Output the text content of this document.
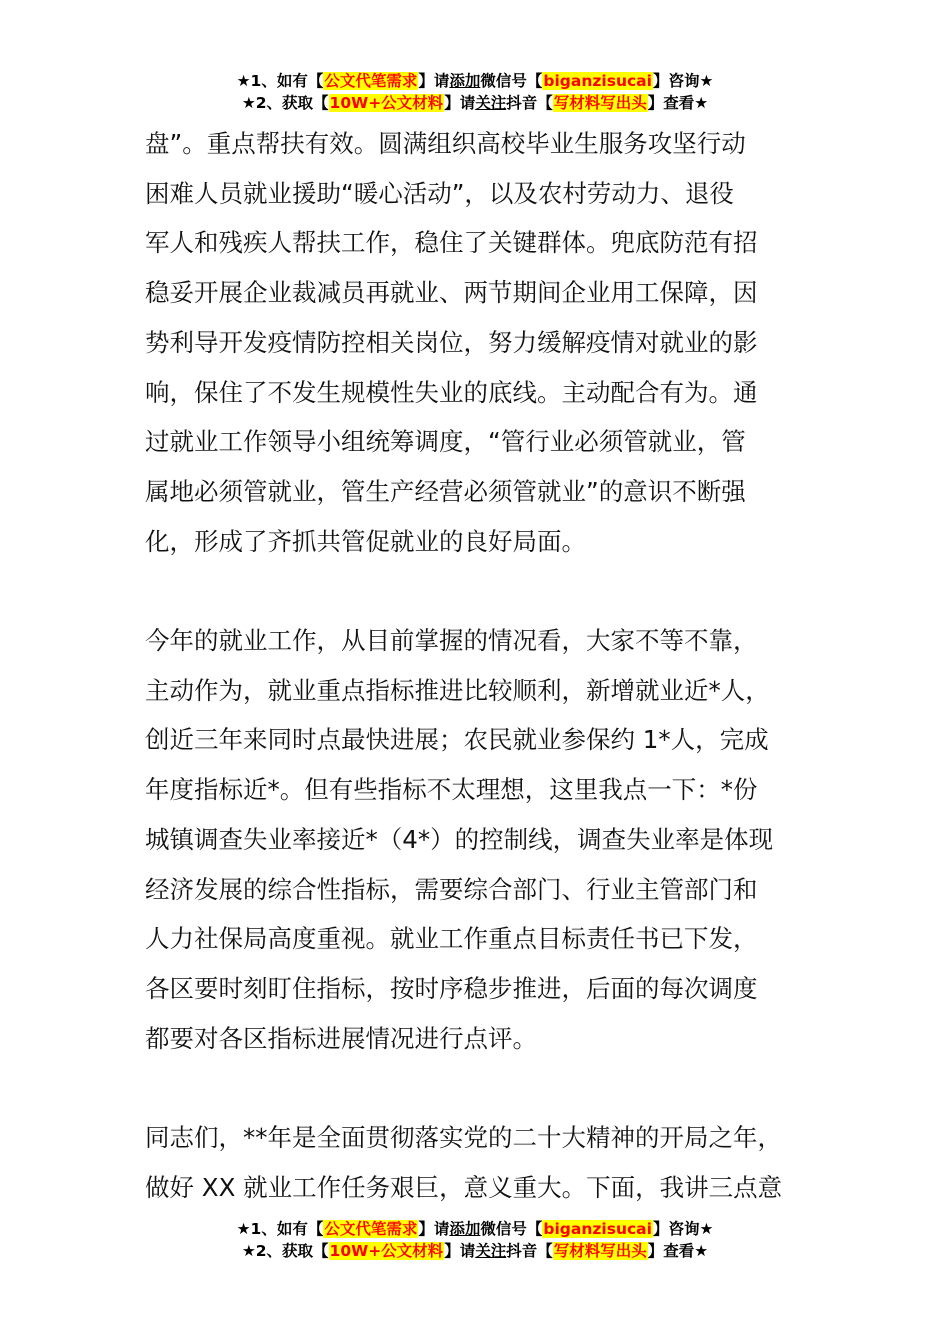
★1、如有【公文代笔需求】请添加微信号【biganzisucai】咨询★
★2、获取【10W+公文材料】请关注抖音【写材料写出头】查看★
盘”。重点帮扶有效。圆满组织高校毕业生服务攻坚行动
困难人员就业援助“暖心活动”，以及农村劳动力、退役
军人和残疾人帮扶工作，稳住了关键群体。兜底防范有招
稳妥开展企业裁减员再就业、两节期间企业用工保障，因
势利导开发疫情防控相关岗位，努力缓解疫情对就业的影
响，保住了不发生规模性失业的底线。主动配合有为。通
过就业工作领导小组统筹调度，“管行业必须管就业，管
属地必须管就业，管生产经营必须管就业”的意识不断强
化，形成了齐抓共管促就业的良好局面。
今年的就业工作，从目前掌握的情况看，大家不等不靠，
主动作为，就业重点指标推进比较顺利，新增就业近*人，
创近三年来同时点最快进展；农民就业参保约 1*人，完成
年度指标近*。但有些指标不太理想，这里我点一下：*份
城镇调查失业率接近*（4*）的控制线，调查失业率是体现
经济发展的综合性指标，需要综合部门、行业主管部门和
人力社保局高度重视。就业工作重点目标责任书已下发，
各区要时刻盯住指标，按时序稳步推进，后面的每次调度
都要对各区指标进展情况进行点评。
同志们，**年是全面贯彻落实党的二十大精神的开局之年，
做好 XX 就业工作任务艰巨，意义重大。下面，我讲三点意
★1、如有【公文代笔需求】请添加微信号【biganzisucai】咨询★
★2、获取【10W+公文材料】请关注抖音【写材料写出头】查看★
